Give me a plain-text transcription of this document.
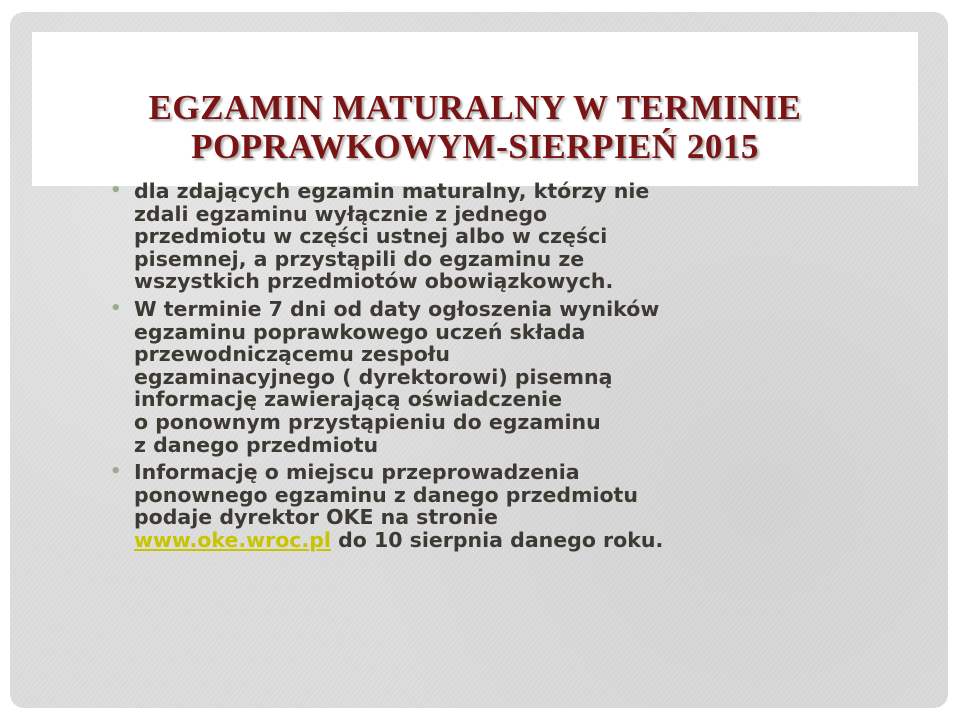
EGZAMIN MATURALNY W TERMINIE
POPRAWKOWYM-SIERPIEŃ 2015
• dla zdających egzamin maturalny, którzy nie
zdali egzaminu wyłącznie z jednego
przedmiotu w części ustnej albo w części
pisemnej, a przystąpili do egzaminu ze
wszystkich przedmiotów obowiązkowych.
• W terminie 7 dni od daty ogłoszenia wyników
egzaminu poprawkowego uczeń składa
przewodniczącemu zespołu
egzaminacyjnego ( dyrektorowi) pisemną
informację zawierającą oświadczenie
o ponownym przystąpieniu do egzaminu
z danego przedmiotu
• Informację o miejscu przeprowadzenia
ponownego egzaminu z danego przedmiotu
podaje dyrektor OKE na stronie
www.oke.wroc.pl do 10 sierpnia danego roku.
